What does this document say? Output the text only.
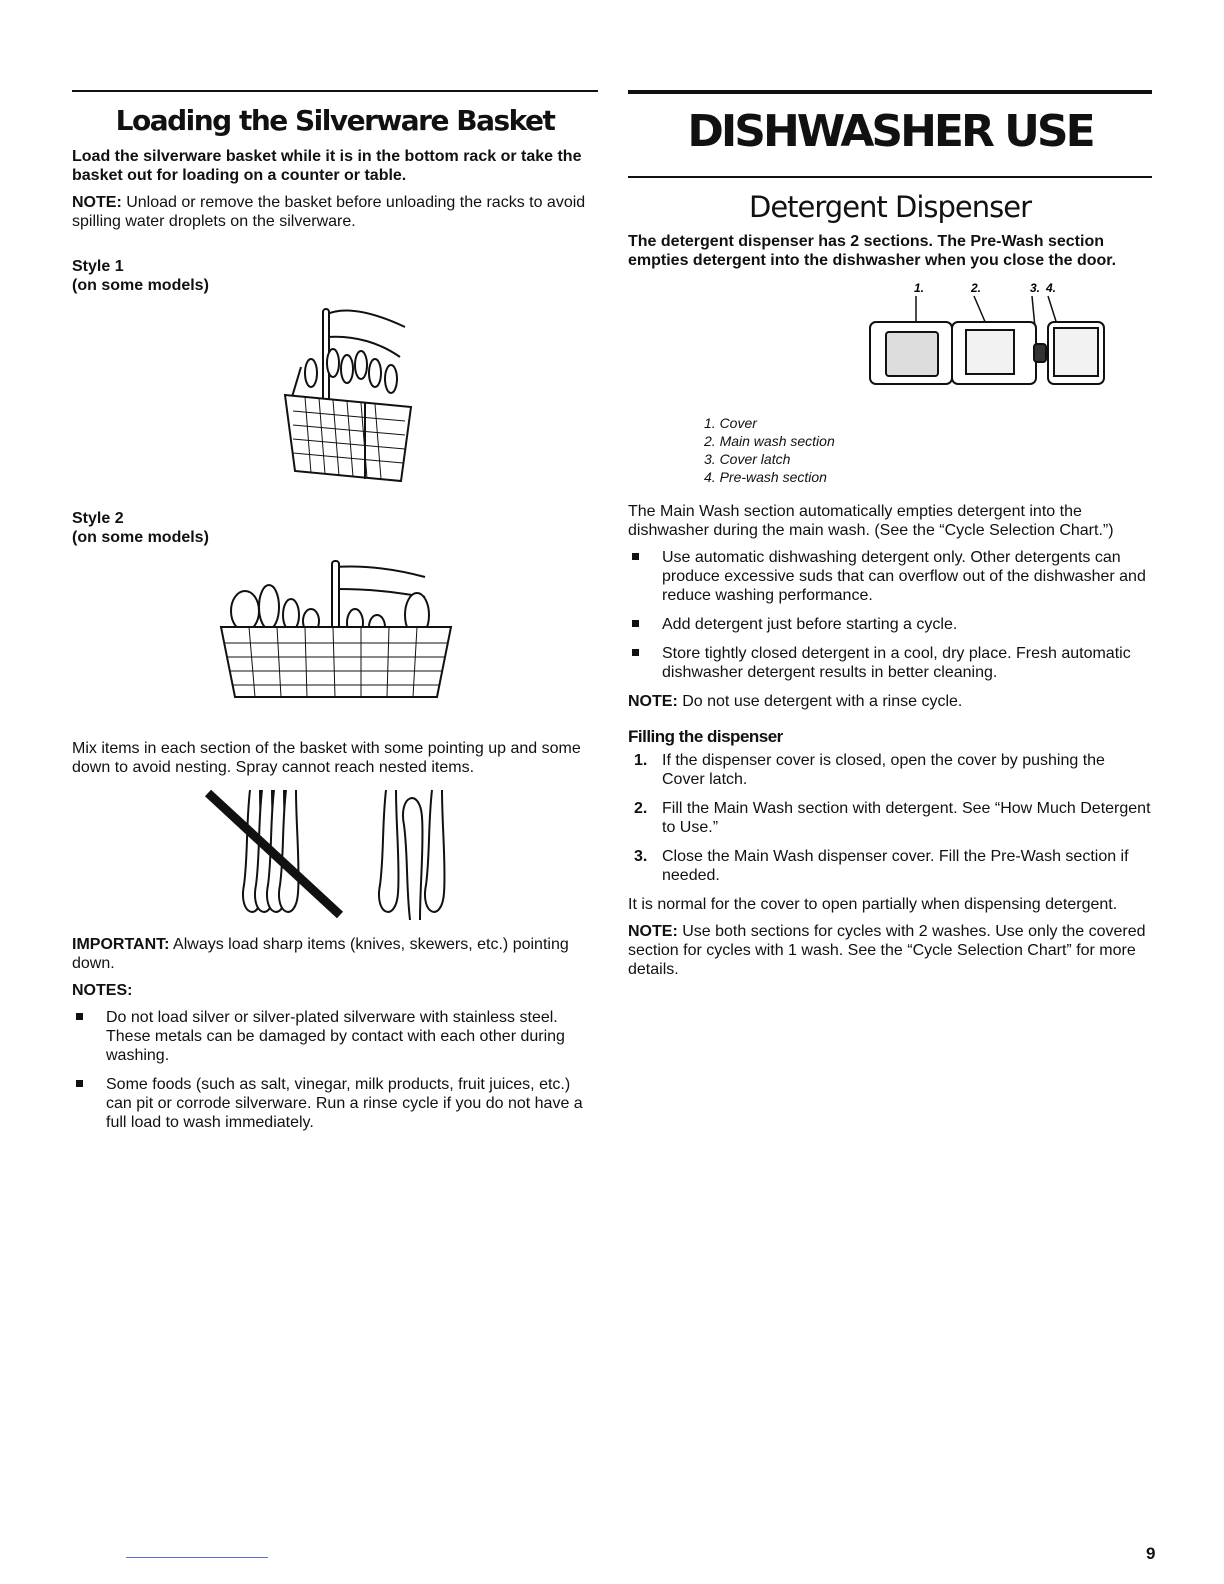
Loading the Silverware Basket

Load the silverware basket while it is in the bottom rack or take the basket out for loading on a counter or table.

NOTE: Unload or remove the basket before unloading the racks to avoid spilling water droplets on the silverware.

Style 1

(on some models)

Style 2

(on some models)

Mix items in each section of the basket with some pointing up and some down to avoid nesting. Spray cannot reach nested items.

IMPORTANT: Always load sharp items (knives, skewers, etc.) pointing down.

NOTES:

Do not load silver or silver-plated silverware with stainless steel. These metals can be damaged by contact with each other during washing.
Some foods (such as salt, vinegar, milk products, fruit juices, etc.) can pit or corrode silverware. Run a rinse cycle if you do not have a full load to wash immediately.
DISHWASHER USE
Detergent Dispenser

The detergent dispenser has 2 sections. The Pre-Wash section empties detergent into the dishwasher when you close the door.

1.	2.	3. 4.
1. Cover
2. Main wash section
3. Cover latch
4. Pre-wash section

The Main Wash section automatically empties detergent into the dishwasher during the main wash. (See the “Cycle Selection Chart.”)

Use automatic dishwashing detergent only. Other detergents can produce excessive suds that can overflow out of the dishwasher and reduce washing performance.
Add detergent just before starting a cycle.
Store tightly closed detergent in a cool, dry place. Fresh automatic dishwasher detergent results in better cleaning.

NOTE: Do not use detergent with a rinse cycle.

Filling the dispenser
1. If the dispenser cover is closed, open the cover by pushing the Cover latch.
2. Fill the Main Wash section with detergent. See “How Much Detergent to Use.”
3. Close the Main Wash dispenser cover. Fill the Pre-Wash section if needed.

It is normal for the cover to open partially when dispensing detergent.

NOTE: Use both sections for cycles with 2 washes. Use only the covered section for cycles with 1 wash. See the “Cycle Selection Chart” for more details.

9
